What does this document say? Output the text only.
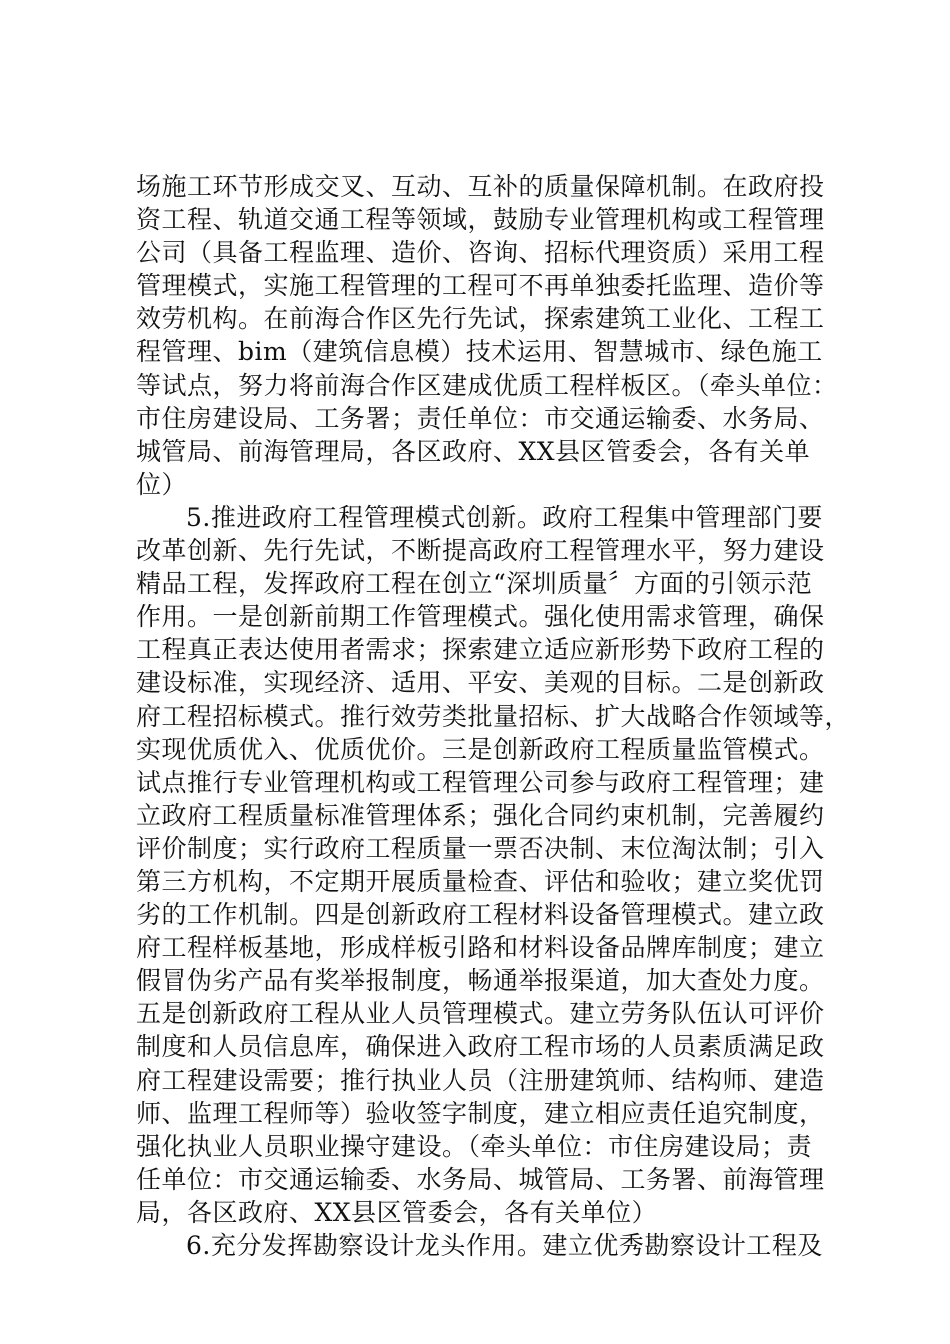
场施工环节形成交叉、互动、互补的质量保障机制。在政府投
资工程、轨道交通工程等领域，鼓励专业管理机构或工程管理
公司（具备工程监理、造价、咨询、招标代理资质）采用工程
管理模式，实施工程管理的工程可不再单独委托监理、造价等
效劳机构。在前海合作区先行先试，探索建筑工业化、工程工
程管理、bim（建筑信息模）技术运用、智慧城市、绿色施工
等试点，努力将前海合作区建成优质工程样板区。（牵头单位：
市住房建设局、工务署；责任单位：市交通运输委、水务局、
城管局、前海管理局，各区政府、XX县区管委会，各有关单
位）
5.推进政府工程管理模式创新。政府工程集中管理部门要
改革创新、先行先试，不断提高政府工程管理水平，努力建设
精品工程，发挥政府工程在创立“深圳质量〞方面的引领示范
作用。一是创新前期工作管理模式。强化使用需求管理，确保
工程真正表达使用者需求；探索建立适应新形势下政府工程的
建设标准，实现经济、适用、平安、美观的目标。二是创新政
府工程招标模式。推行效劳类批量招标、扩大战略合作领域等，
实现优质优入、优质优价。三是创新政府工程质量监管模式。
试点推行专业管理机构或工程管理公司参与政府工程管理；建
立政府工程质量标准管理体系；强化合同约束机制，完善履约
评价制度；实行政府工程质量一票否决制、末位淘汰制；引入
第三方机构，不定期开展质量检查、评估和验收；建立奖优罚
劣的工作机制。四是创新政府工程材料设备管理模式。建立政
府工程样板基地，形成样板引路和材料设备品牌库制度；建立
假冒伪劣产品有奖举报制度，畅通举报渠道，加大查处力度。
五是创新政府工程从业人员管理模式。建立劳务队伍认可评价
制度和人员信息库，确保进入政府工程市场的人员素质满足政
府工程建设需要；推行执业人员（注册建筑师、结构师、建造
师、监理工程师等）验收签字制度，建立相应责任追究制度，
强化执业人员职业操守建设。（牵头单位：市住房建设局；责
任单位：市交通运输委、水务局、城管局、工务署、前海管理
局，各区政府、XX县区管委会，各有关单位）
6.充分发挥勘察设计龙头作用。建立优秀勘察设计工程及
